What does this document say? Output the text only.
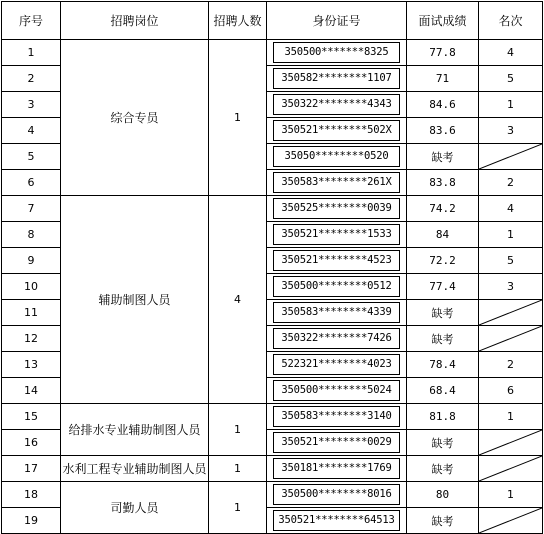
序号	招聘岗位	招聘人数	身份证号	面试成绩	名次
1	综合专员	1	350500*******8325	77.8	4
2			350582********1107	71	5
3			350322********4343	84.6	1
4			350521********502X	83.6	3
5			35050********0520	缺考	

6			350583********261X	83.8	2
7	辅助制图人员	4	350525********0039	74.2	4
8			350521********1533	84	1
9			350521********4523	72.2	5
10			350500********0512	77.4	3
11			350583********4339	缺考	

12			350322********7426	缺考	

13			522321********4023	78.4	2
14			350500********5024	68.4	6
15	给排水专业辅助制图人员	1	350583********3140	81.8	1
16			350521********0029	缺考	

17	水利工程专业辅助制图人员	1	350181********1769	缺考	

18	司勤人员	1	350500********8016	80	1
19			350521********64513	缺考	
